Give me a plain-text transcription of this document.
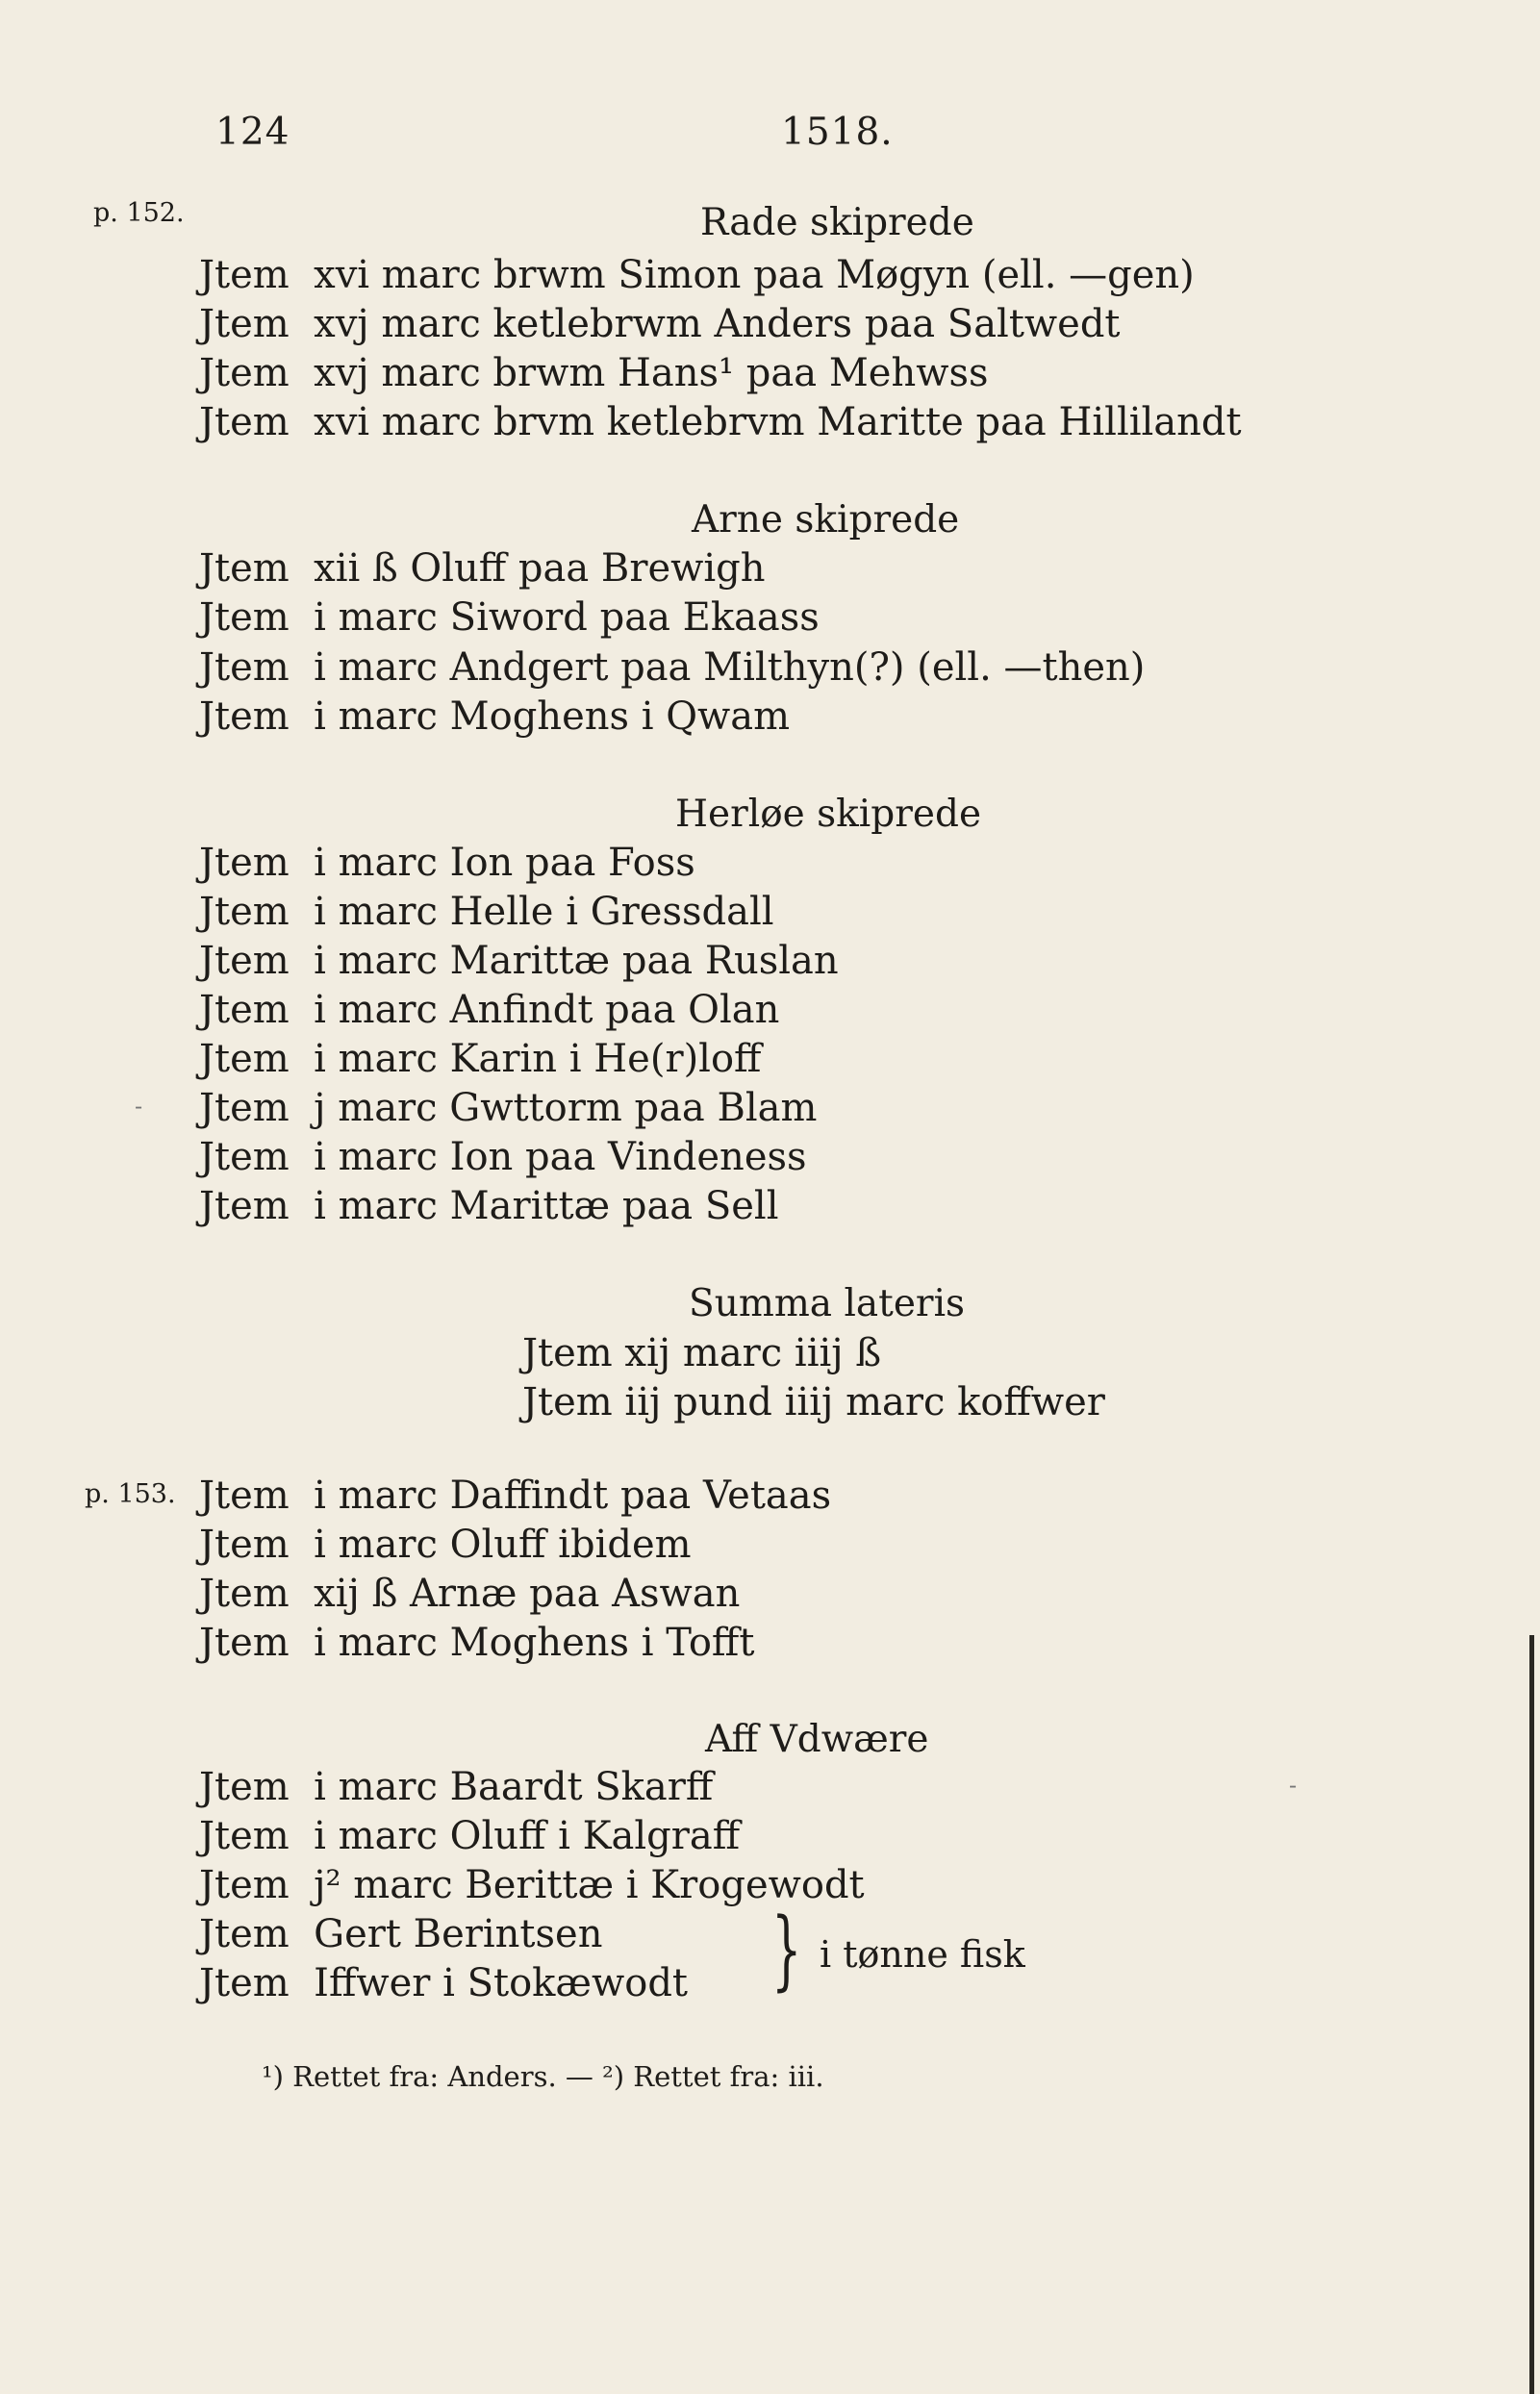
124	1518.
p. 152.	Rade skiprede
Jtem  xvi marc brwm Simon paa Møgyn (ell. —gen)
Jtem  xvj marc ketlebrwm Anders paa Saltwedt
Jtem  xvj marc brwm Hans¹ paa Mehwss
Jtem  xvi marc brvm ketlebrvm Maritte paa Hillilandt
Arne skiprede
Jtem  xii ß Oluff paa Brewigh
Jtem  i marc Siword paa Ekaass
Jtem  i marc Andgert paa Milthyn(?) (ell. —then)
Jtem  i marc Moghens i Qwam
Herløe skiprede
Jtem  i marc Ion paa Foss
Jtem  i marc Helle i Gressdall
Jtem  i marc Marittæ paa Ruslan
Jtem  i marc Anfindt paa Olan
Jtem  i marc Karin i He(r)loff
- Jtem  j marc Gwttorm paa Blam
Jtem  i marc Ion paa Vindeness
Jtem  i marc Marittæ paa Sell
Summa lateris
Jtem xij marc iiij ß
Jtem iij pund iiij marc koffwer
p. 153. Jtem  i marc Daffindt paa Vetaas
Jtem  i marc Oluff ibidem
Jtem  xij ß Arnæ paa Aswan
Jtem  i marc Moghens i Tofft
Aff Vdwære
Jtem  i marc Baardt Skarff
Jtem  i marc Oluff i Kalgraff
Jtem  j² marc Berittæ i Krogewodt
Jtem  Gert Berintsen
Jtem  Iffwer i Stokæwodt } i tønne fisk
¹) Rettet fra: Anders. — ²) Rettet fra: iii.
-
